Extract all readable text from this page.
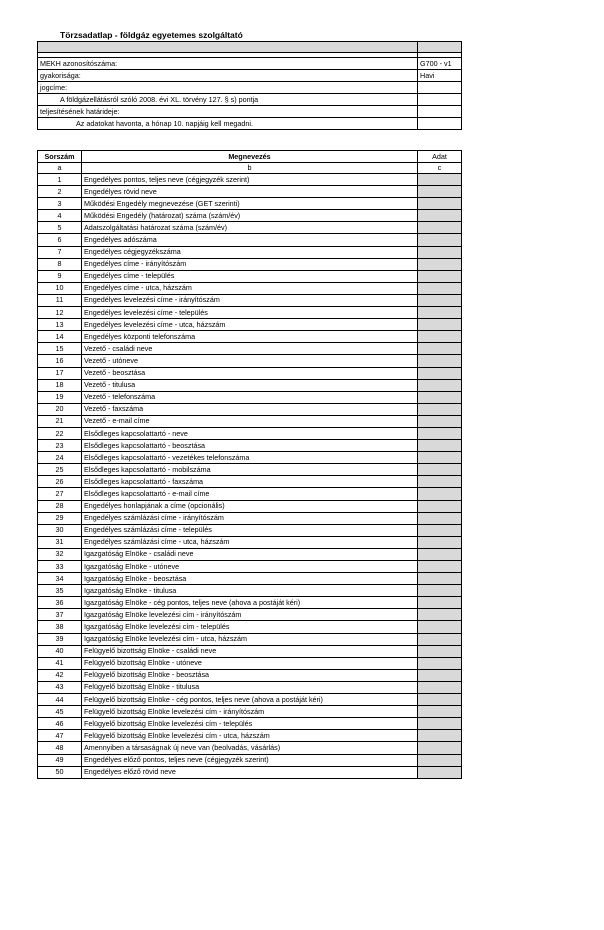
Törzsadatlap - földgáz egyetemes szolgáltató

MEKH azonosítószáma:	G700 - v1
gyakorisága:	Havi
jogcíme:	
A földgázellátásról szóló 2008. évi XL. törvény 127. § s) pontja	
teljesítésének határideje:	
Az adatokat havonta, a hónap 10. napjáig kell megadni.	
Sorszám	Megnevezés	Adat
a	b	c
1	Engedélyes pontos, teljes neve (cégjegyzék szerint)	
2	Engedélyes rövid neve	
3	Működési Engedély megnevezése (GET szerinti)	
4	Működési Engedély (határozat) száma (szám/év)	
5	Adatszolgáltatási határozat száma (szám/év)	
6	Engedélyes adószáma	
7	Engedélyes cégjegyzékszáma	
8	Engedélyes címe - irányítószám	
9	Engedélyes címe - település	
10	Engedélyes címe - utca, házszám	
11	Engedélyes levelezési címe - irányítószám	
12	Engedélyes levelezési címe - település	
13	Engedélyes levelezési címe - utca, házszám	
14	Engedélyes központi telefonszáma	
15	Vezető - családi neve	
16	Vezető - utóneve	
17	Vezető - beosztása	
18	Vezető - titulusa	
19	Vezető - telefonszáma	
20	Vezető - faxszáma	
21	Vezető - e-mail címe	
22	Elsődleges kapcsolattartó - neve	
23	Elsődleges kapcsolattartó - beosztása	
24	Elsődleges kapcsolattartó - vezetékes telefonszáma	
25	Elsődleges kapcsolattartó - mobilszáma	
26	Elsődleges kapcsolattartó - faxszáma	
27	Elsődleges kapcsolattartó - e-mail címe	
28	Engedélyes honlapjának a címe (opcionális)	
29	Engedélyes számlázási címe - irányítószám	
30	Engedélyes számlázási címe - település	
31	Engedélyes számlázási címe - utca, házszám	
32	Igazgatóság Elnöke - családi neve	
33	Igazgatóság Elnöke - utóneve	
34	Igazgatóság Elnöke - beosztása	
35	Igazgatóság Elnöke - titulusa	
36	Igazgatóság Elnöke - cég pontos, teljes neve (ahova a postáját kéri)	
37	Igazgatóság Elnöke levelezési cím - irányítószám	
38	Igazgatóság Elnöke levelezési cím - település	
39	Igazgatóság Elnöke levelezési cím - utca, házszám	
40	Felügyelő bizottság Elnöke - családi neve	
41	Felügyelő bizottság Elnöke - utóneve	
42	Felügyelő bizottság Elnöke - beosztása	
43	Felügyelő bizottság Elnöke - titulusa	
44	Felügyelő bizottság Elnöke - cég pontos, teljes neve (ahova a postáját kéri)	
45	Felügyelő bizottság Elnöke levelezési cím - irányítószám	
46	Felügyelő bizottság Elnöke levelezési cím - település	
47	Felügyelő bizottság Elnöke levelezési cím - utca, házszám	
48	Amennyiben a társaságnak új neve van (beolvadás, vásárlás)	
49	Engedélyes előző pontos, teljes neve (cégjegyzék szerint)	
50	Engedélyes előző rövid neve	
